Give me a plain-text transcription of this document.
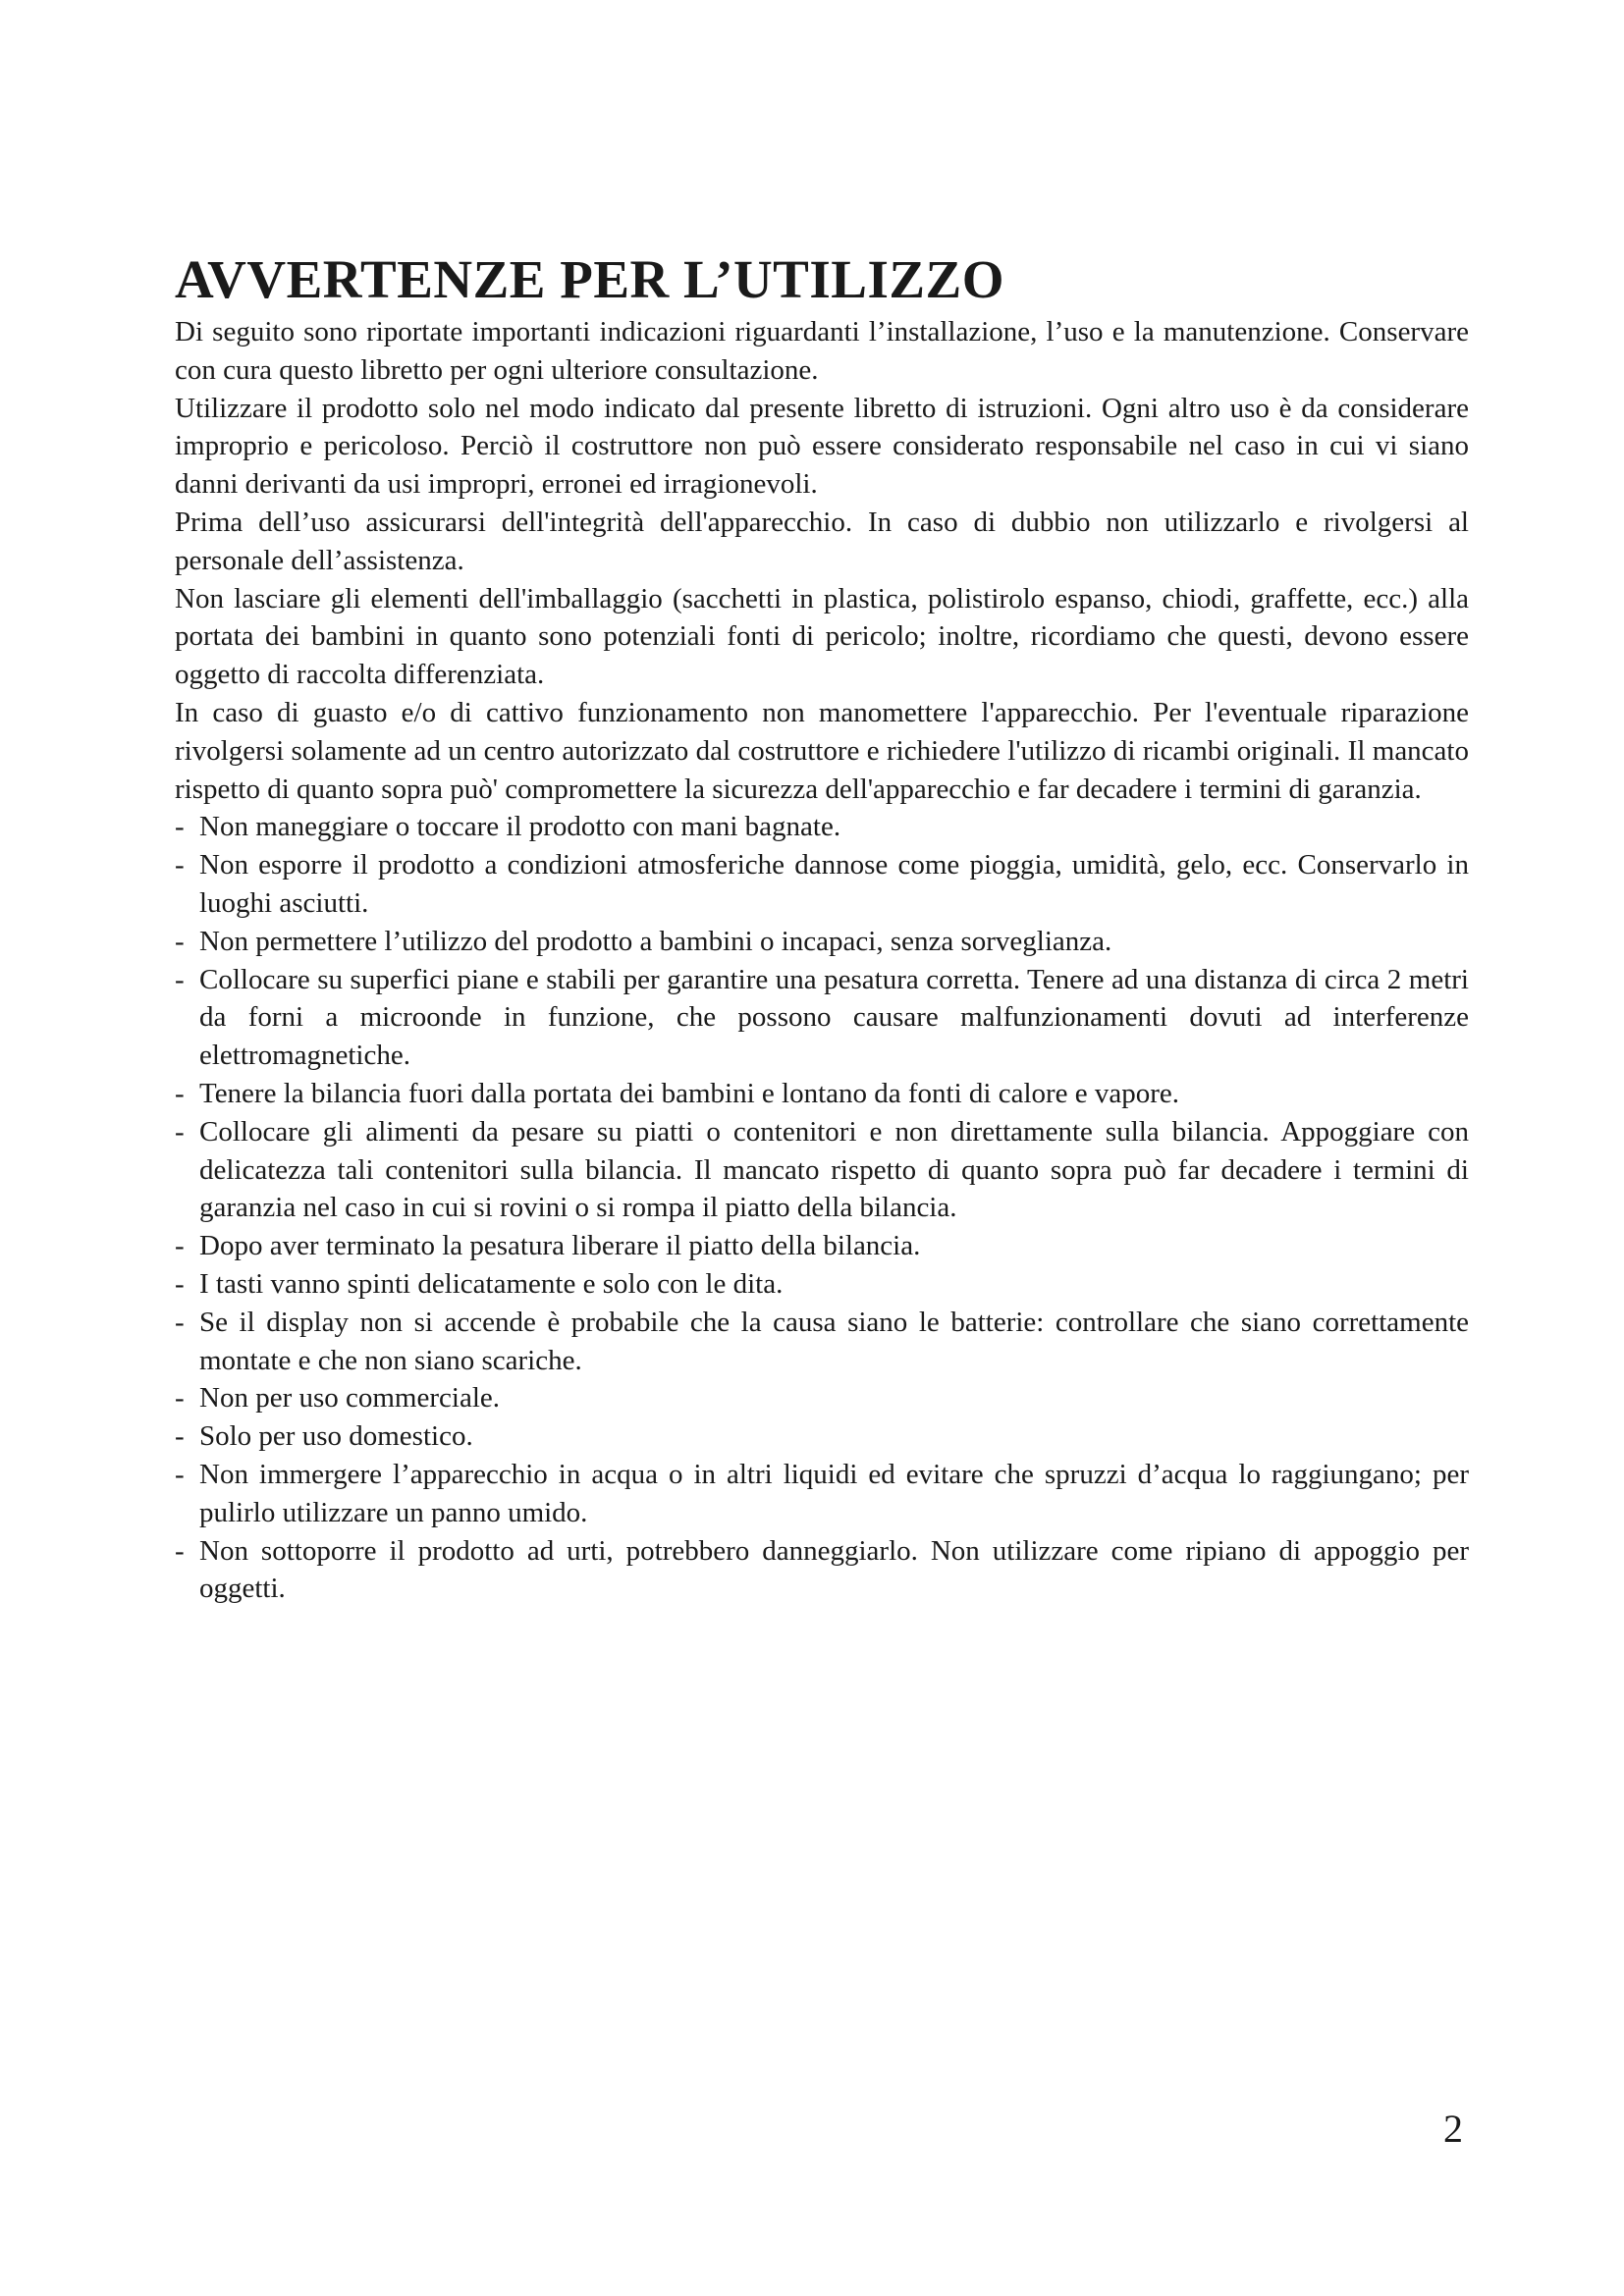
AVVERTENZE PER L’UTILIZZO

Di seguito sono riportate importanti indicazioni riguardanti l’installazione, l’uso e la manutenzione. Conservare con cura questo libretto per ogni ulteriore consultazione.

Utilizzare il prodotto solo nel modo indicato dal presente libretto di istruzioni. Ogni altro uso è da considerare improprio e pericoloso. Perciò il costruttore non può essere considerato responsabile nel caso in cui vi siano danni derivanti da usi impropri, erronei ed irragionevoli.

Prima dell’uso assicurarsi dell'integrità dell'apparecchio. In caso di dubbio non utilizzarlo e rivolgersi al personale dell’assistenza.

Non lasciare gli elementi dell'imballaggio (sacchetti in plastica, polistirolo espanso, chiodi, graffette, ecc.) alla portata dei bambini in quanto sono potenziali fonti di pericolo; inoltre, ricordiamo che questi, devono essere oggetto di raccolta differenziata.

In caso di guasto e/o di cattivo funzionamento non manomettere l'apparecchio. Per l'eventuale riparazione rivolgersi solamente ad un centro autorizzato dal costruttore e richiedere l'utilizzo di ricambi originali. Il mancato rispetto di quanto sopra può' compromettere la sicurezza dell'apparecchio e far decadere i termini di garanzia.

- Non maneggiare o toccare il prodotto con mani bagnate.
- Non esporre il prodotto a condizioni atmosferiche dannose come pioggia, umidità, gelo, ecc. Conservarlo in luoghi asciutti.
- Non permettere l’utilizzo del prodotto a bambini o incapaci, senza sorveglianza.
- Collocare su superfici piane e stabili per garantire una pesatura corretta. Tenere ad una distanza di circa 2 metri da forni a microonde in funzione, che possono causare malfunzionamenti dovuti ad interferenze elettromagnetiche.
- Tenere la bilancia fuori dalla portata dei bambini e lontano da fonti di calore e vapore.
- Collocare gli alimenti da pesare su piatti o contenitori e non direttamente sulla bilancia. Appoggiare con delicatezza tali contenitori sulla bilancia. Il mancato rispetto di quanto sopra può far decadere i termini di garanzia nel caso in cui si rovini o si rompa il piatto della bilancia.
- Dopo aver terminato la pesatura liberare il piatto della bilancia.
- I tasti vanno spinti delicatamente e solo con le dita.
- Se il display non si accende è probabile che la causa siano le batterie: controllare che siano correttamente montate e che non siano scariche.
- Non per uso commerciale.
- Solo per uso domestico.
- Non immergere l’apparecchio in acqua o in altri liquidi ed evitare che spruzzi d’acqua lo raggiungano; per pulirlo utilizzare un panno umido.
- Non sottoporre il prodotto ad urti, potrebbero danneggiarlo. Non utilizzare come ripiano di appoggio per oggetti.
2
